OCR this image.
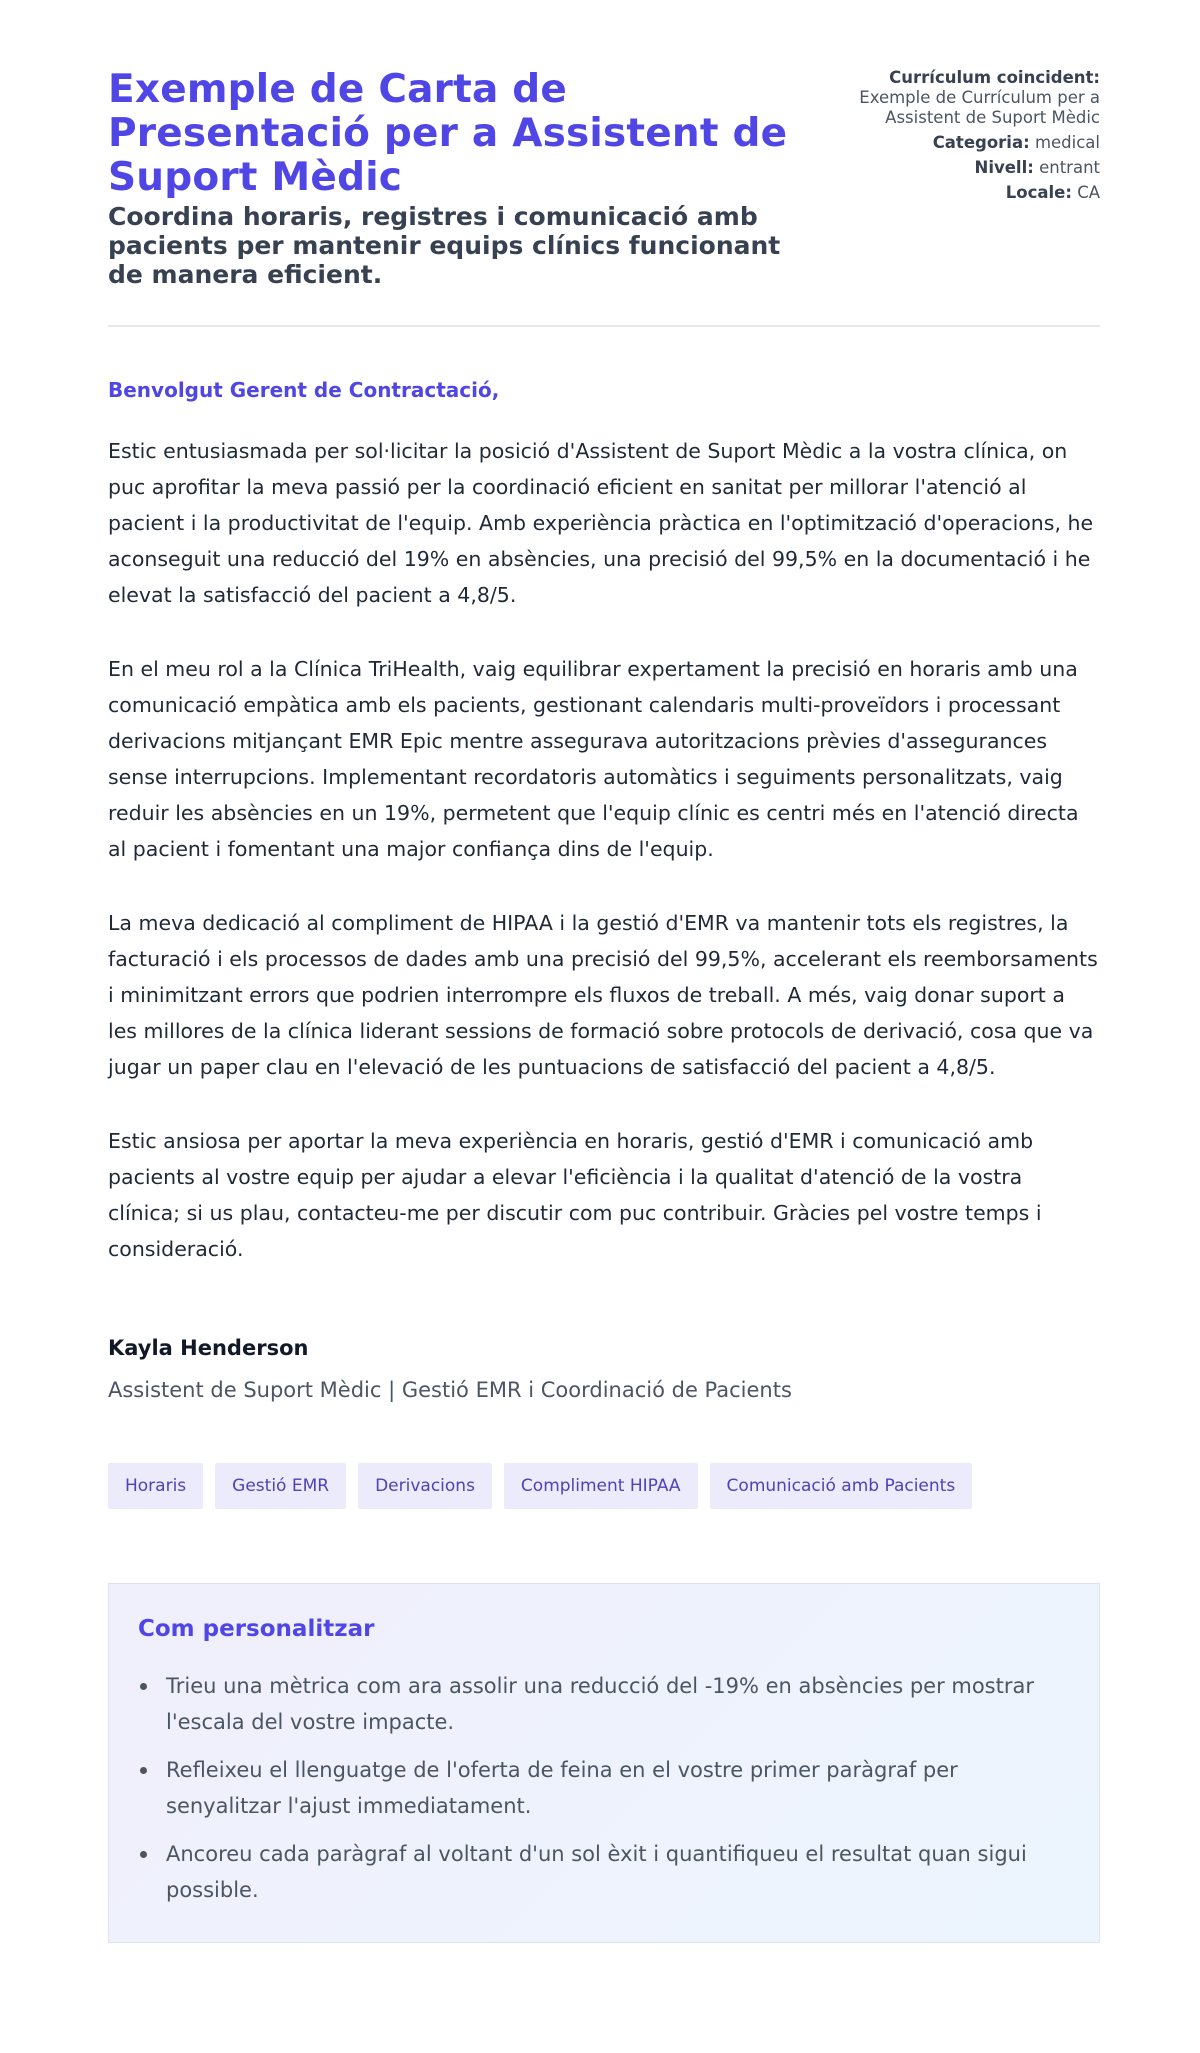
Exemple de Carta de Presentació per a Assistent de Suport Mèdic

Coordina horaris, registres i comunicació amb pacients per mantenir equips clínics funcionant de manera eficient.

Currículum coincident:
Exemple de Currículum per a Assistent de Suport Mèdic
Categoria: medical
Nivell: entrant
Locale: CA

Benvolgut Gerent de Contractació,

Estic entusiasmada per sol·licitar la posició d'Assistent de Suport Mèdic a la vostra clínica, on puc aprofitar la meva passió per la coordinació eficient en sanitat per millorar l'atenció al pacient i la productivitat de l'equip. Amb experiència pràctica en l'optimització d'operacions, he aconseguit una reducció del 19% en absències, una precisió del 99,5% en la documentació i he elevat la satisfacció del pacient a 4,8/5.

En el meu rol a la Clínica TriHealth, vaig equilibrar expertament la precisió en horaris amb una comunicació empàtica amb els pacients, gestionant calendaris multi-proveïdors i processant derivacions mitjançant EMR Epic mentre assegurava autoritzacions prèvies d'assegurances sense interrupcions. Implementant recordatoris automàtics i seguiments personalitzats, vaig reduir les absències en un 19%, permetent que l'equip clínic es centri més en l'atenció directa al pacient i fomentant una major confiança dins de l'equip.

La meva dedicació al compliment de HIPAA i la gestió d'EMR va mantenir tots els registres, la facturació i els processos de dades amb una precisió del 99,5%, accelerant els reemborsaments i minimitzant errors que podrien interrompre els fluxos de treball. A més, vaig donar suport a les millores de la clínica liderant sessions de formació sobre protocols de derivació, cosa que va jugar un paper clau en l'elevació de les puntuacions de satisfacció del pacient a 4,8/5.

Estic ansiosa per aportar la meva experiència en horaris, gestió d'EMR i comunicació amb pacients al vostre equip per ajudar a elevar l'eficiència i la qualitat d'atenció de la vostra clínica; si us plau, contacteu-me per discutir com puc contribuir. Gràcies pel vostre temps i consideració.

Kayla Henderson
Assistent de Suport Mèdic | Gestió EMR i Coordinació de Pacients
Horaris	Gestió EMR	Derivacions	Compliment HIPAA	Comunicació amb Pacients
Com personalitzar
Trieu una mètrica com ara assolir una reducció del -19% en absències per mostrar l'escala del vostre impacte.
Refleixeu el llenguatge de l'oferta de feina en el vostre primer paràgraf per senyalitzar l'ajust immediatament.
Ancoreu cada paràgraf al voltant d'un sol èxit i quantifiqueu el resultat quan sigui possible.
